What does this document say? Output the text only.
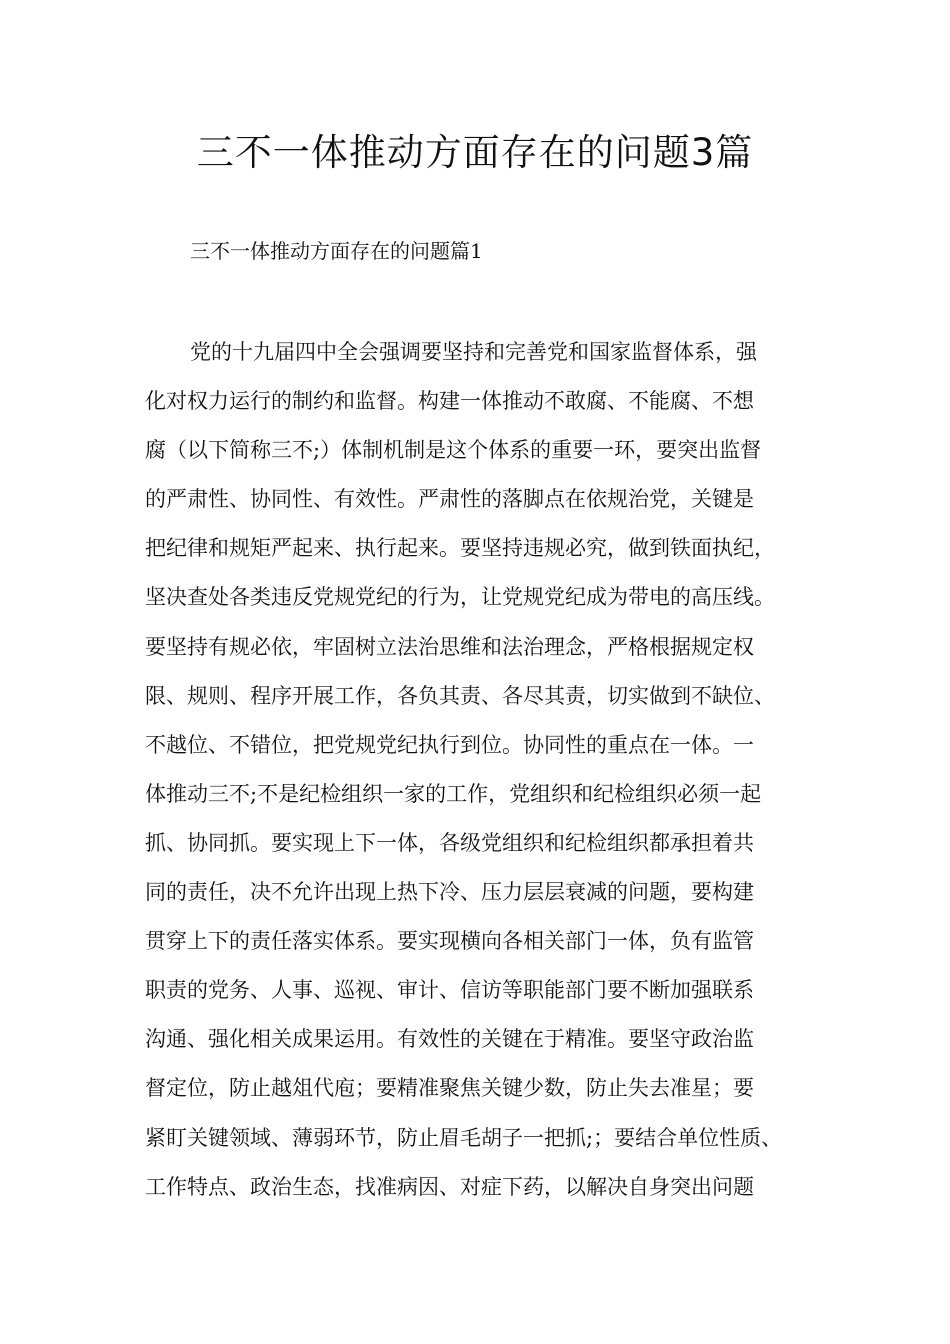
三不一体推动方面存在的问题3篇
三不一体推动方面存在的问题篇1
党的十九届四中全会强调要坚持和完善党和国家监督体系，强
化对权力运行的制约和监督。构建一体推动不敢腐、不能腐、不想
腐（以下简称三不;）体制机制是这个体系的重要一环，要突出监督
的严肃性、协同性、有效性。严肃性的落脚点在依规治党，关键是
把纪律和规矩严起来、执行起来。要坚持违规必究，做到铁面执纪，
坚决查处各类违反党规党纪的行为，让党规党纪成为带电的高压线。
要坚持有规必依，牢固树立法治思维和法治理念，严格根据规定权
限、规则、程序开展工作，各负其责、各尽其责，切实做到不缺位、
不越位、不错位，把党规党纪执行到位。协同性的重点在一体。一
体推动三不;不是纪检组织一家的工作，党组织和纪检组织必须一起
抓、协同抓。要实现上下一体，各级党组织和纪检组织都承担着共
同的责任，决不允许出现上热下冷、压力层层衰减的问题，要构建
贯穿上下的责任落实体系。要实现横向各相关部门一体，负有监管
职责的党务、人事、巡视、审计、信访等职能部门要不断加强联系
沟通、强化相关成果运用。有效性的关键在于精准。要坚守政治监
督定位，防止越俎代庖；要精准聚焦关键少数，防止失去准星；要
紧盯关键领域、薄弱环节，防止眉毛胡子一把抓;；要结合单位性质、
工作特点、政治生态，找准病因、对症下药，以解决自身突出问题
